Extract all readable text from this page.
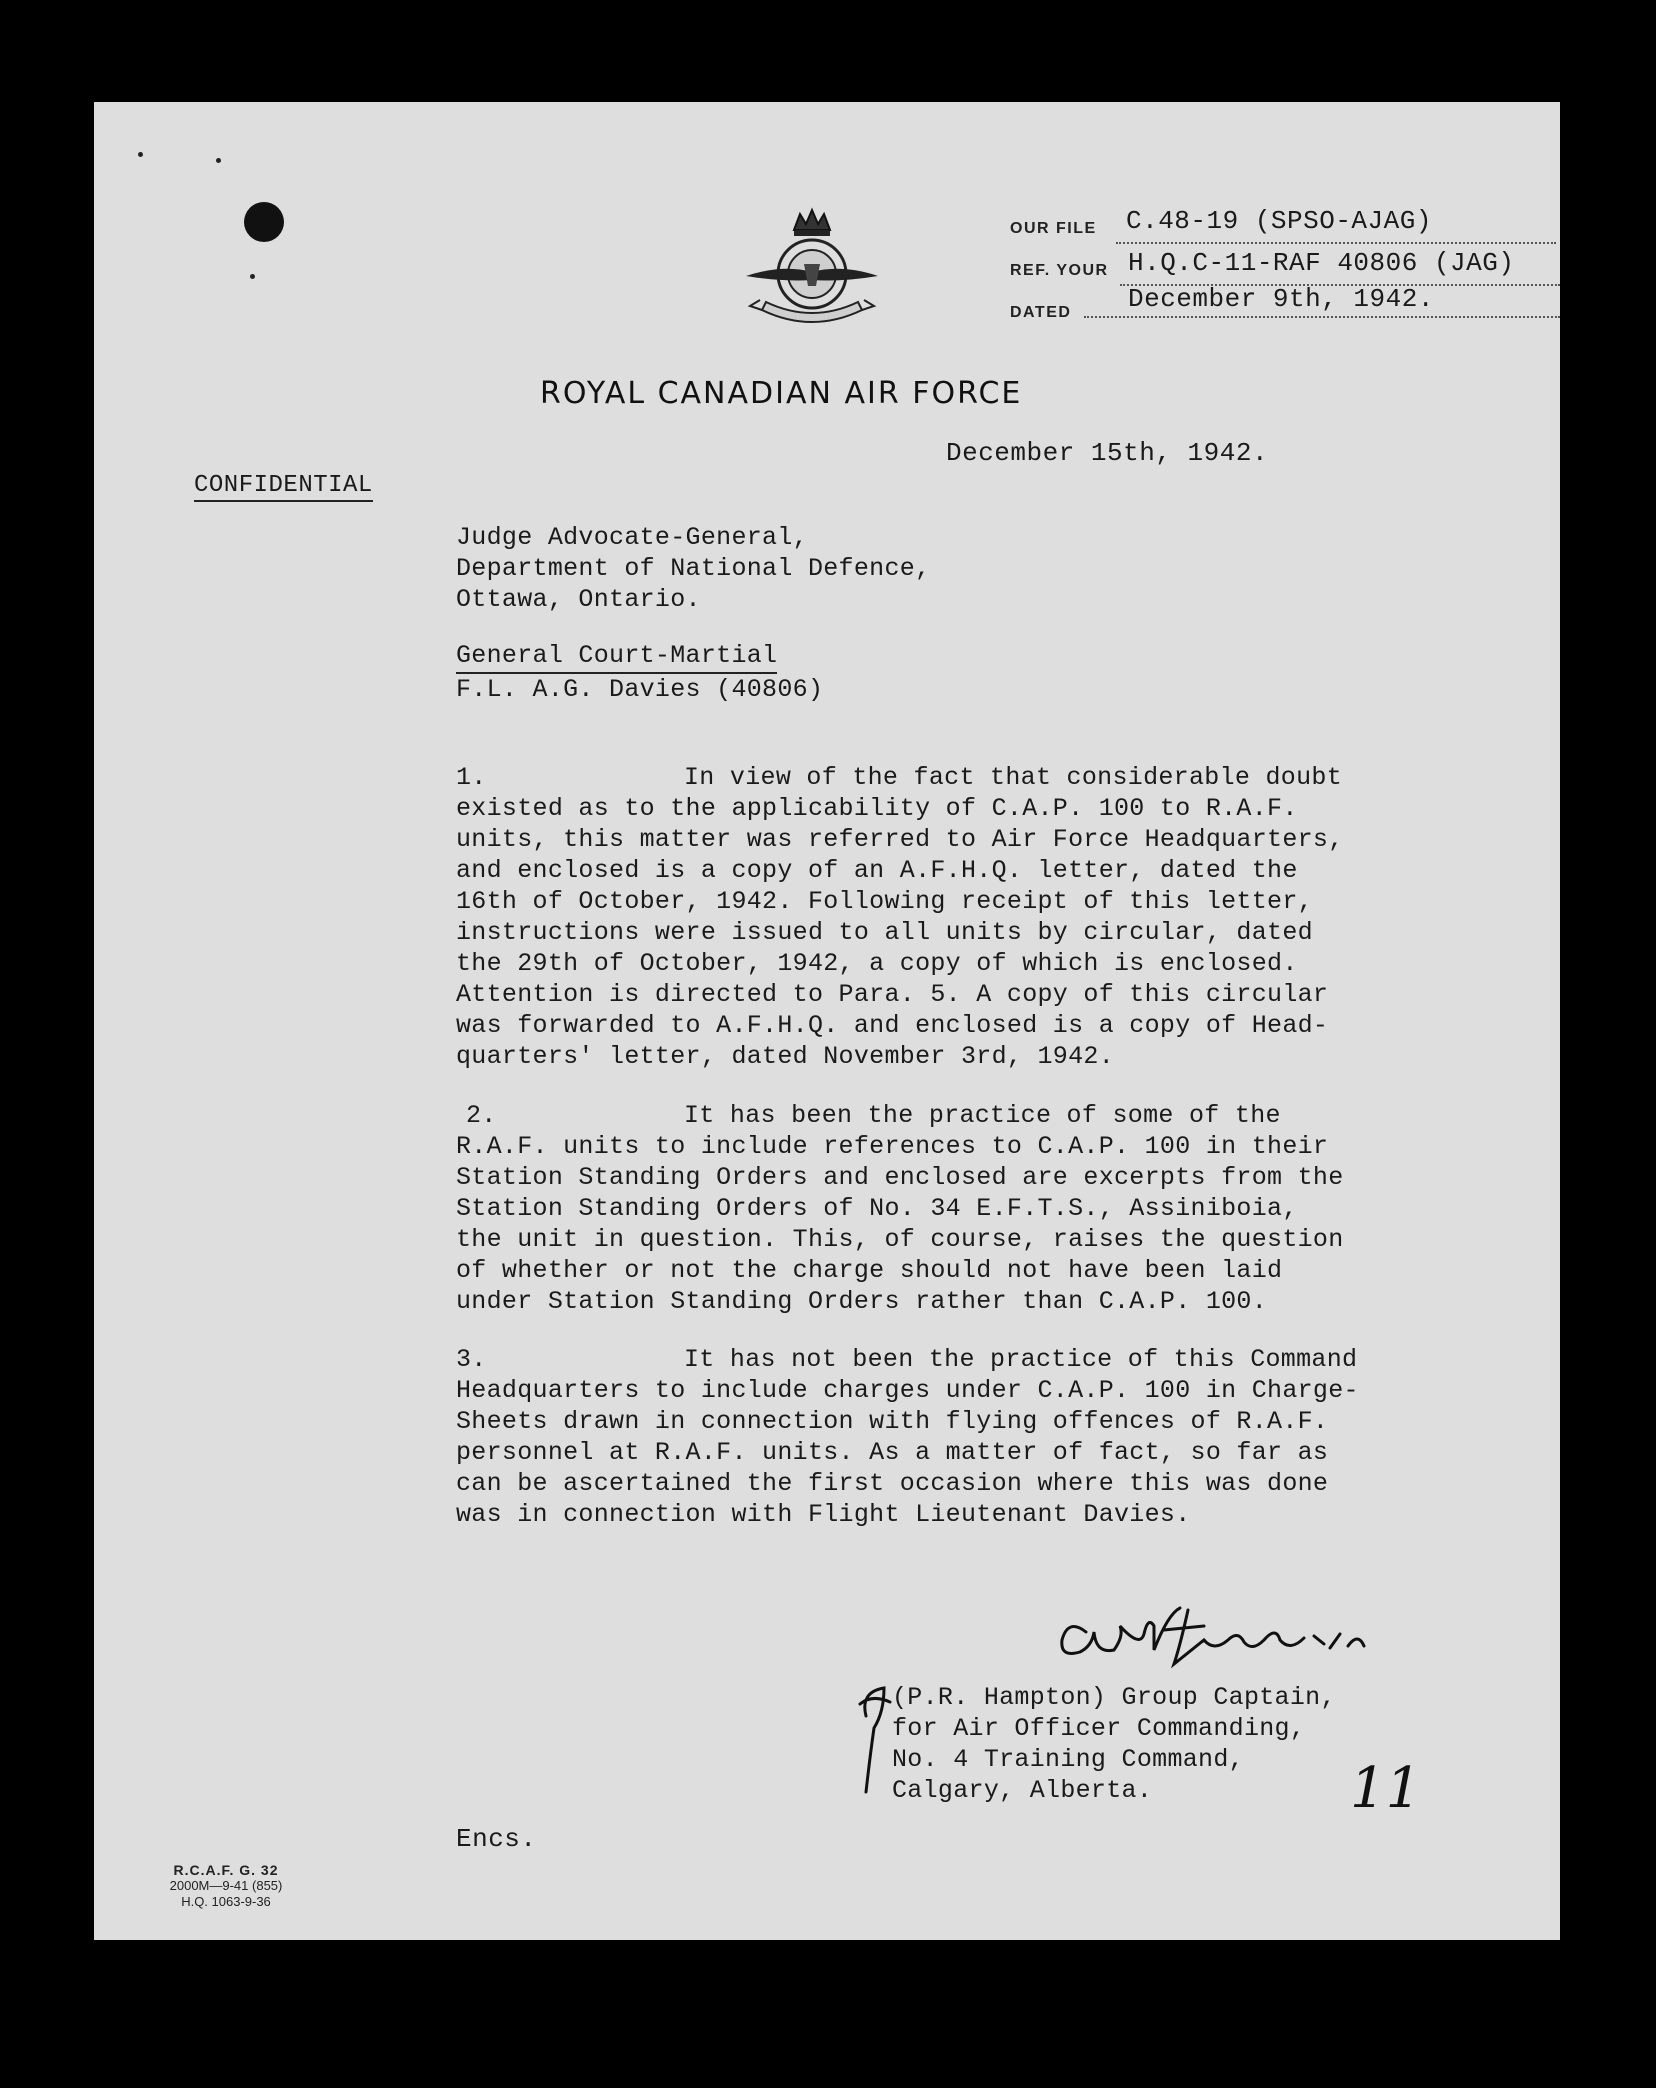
OUR FILE C.48-19 (SPSO-AJAG)
REF. YOUR H.Q.C-11-RAF 40806 (JAG)
DATED December 9th, 1942.
ROYAL CANADIAN AIR FORCE
December 15th, 1942.
CONFIDENTIAL
Judge Advocate-General,
Department of National Defence,
Ottawa, Ontario.
General Court-Martial
F.L. A.G. Davies (40806)
1.	In view of the fact that considerable doubt
existed as to the applicability of C.A.P. 100 to R.A.F.
units, this matter was referred to Air Force Headquarters,
and enclosed is a copy of an A.F.H.Q. letter, dated the
16th of October, 1942. Following receipt of this letter,
instructions were issued to all units by circular, dated
the 29th of October, 1942, a copy of which is enclosed.
Attention is directed to Para. 5. A copy of this circular
was forwarded to A.F.H.Q. and enclosed is a copy of Head-
quarters' letter, dated November 3rd, 1942.
2.	It has been the practice of some of the
R.A.F. units to include references to C.A.P. 100 in their
Station Standing Orders and enclosed are excerpts from the
Station Standing Orders of No. 34 E.F.T.S., Assiniboia,
the unit in question. This, of course, raises the question
of whether or not the charge should not have been laid
under Station Standing Orders rather than C.A.P. 100.
3.	It has not been the practice of this Command
Headquarters to include charges under C.A.P. 100 in Charge-
Sheets drawn in connection with flying offences of R.A.F.
personnel at R.A.F. units. As a matter of fact, so far as
can be ascertained the first occasion where this was done
was in connection with Flight Lieutenant Davies.
(P.R. Hampton) Group Captain,
for Air Officer Commanding,
No. 4 Training Command,
Calgary, Alberta.	11
Encs.
R.C.A.F. G. 32
2000M—9-41 (855)
H.Q. 1063-9-36
